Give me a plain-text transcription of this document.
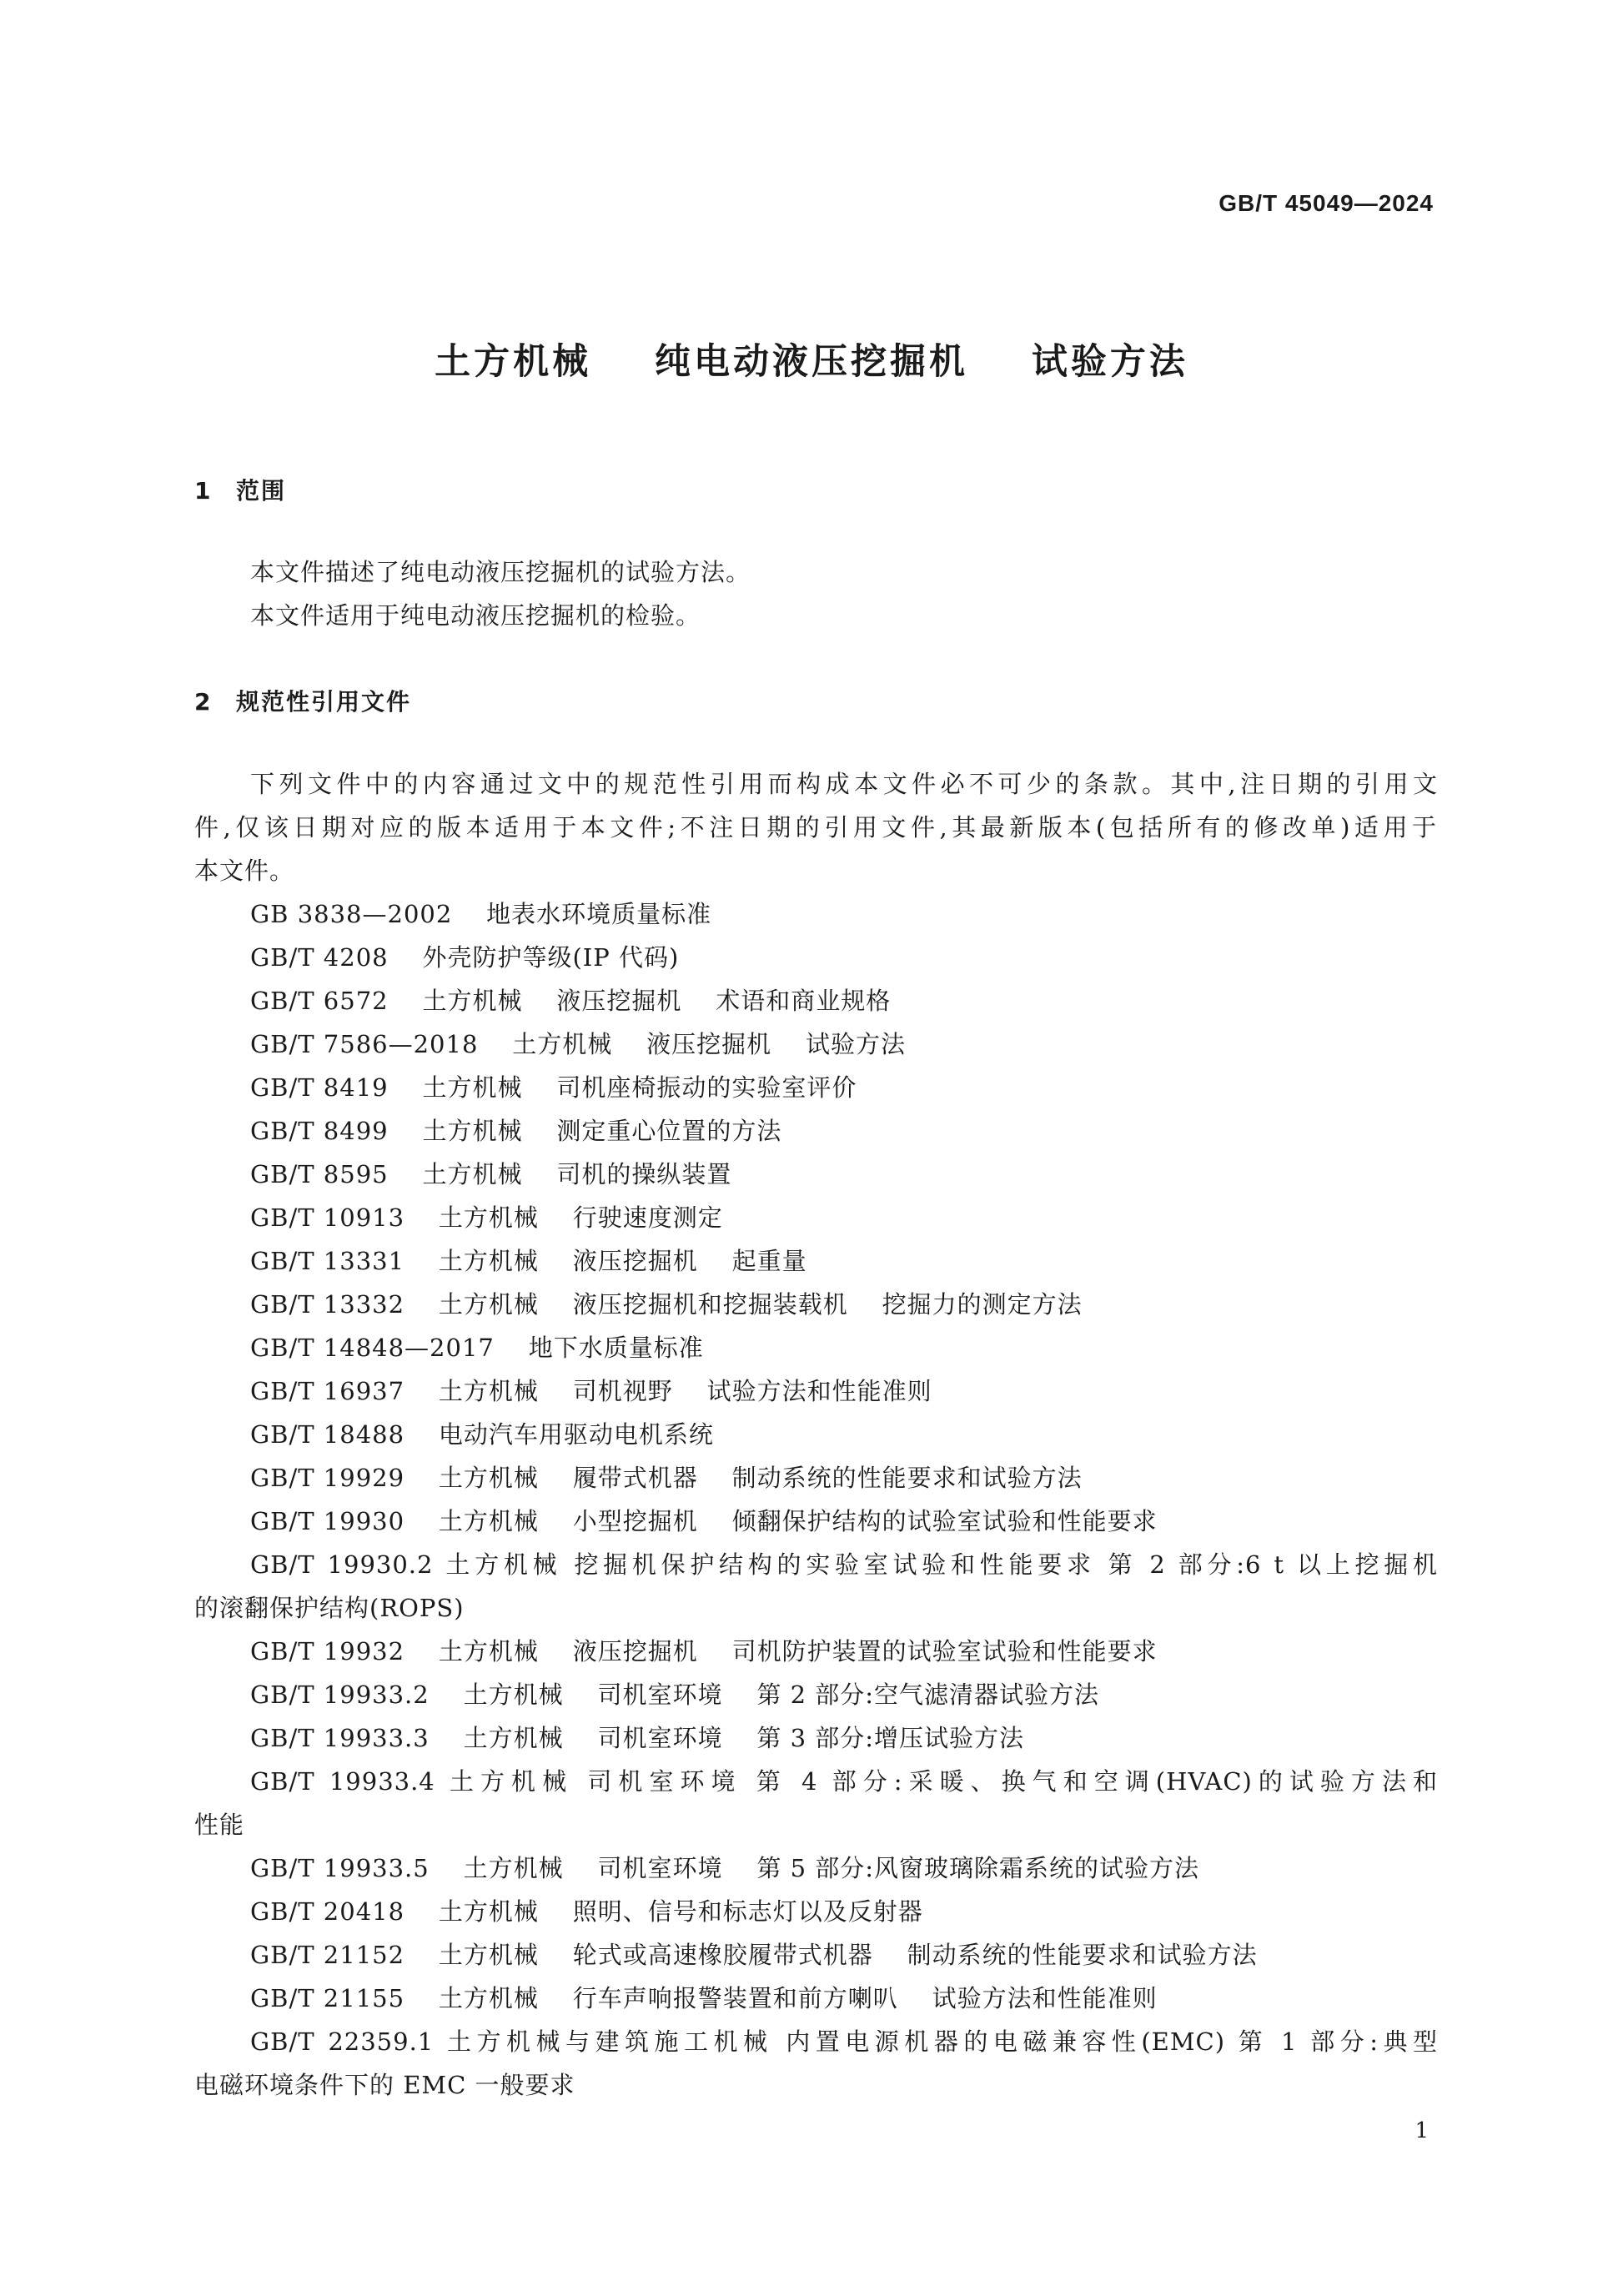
GB/T 45049—2024
土方机械    纯电动液压挖掘机    试验方法
1 范围
本文件描述了纯电动液压挖掘机的试验方法。
本文件适用于纯电动液压挖掘机的检验。
2 规范性引用文件
下列文件中的内容通过文中的规范性引用而构成本文件必不可少的条款。其中,注日期的引用文
件,仅该日期对应的版本适用于本文件;不注日期的引用文件,其最新版本(包括所有的修改单)适用于
本文件。
GB 3838—2002    地表水环境质量标准
GB/T 4208    外壳防护等级(IP 代码)
GB/T 6572    土方机械    液压挖掘机    术语和商业规格
GB/T 7586—2018    土方机械    液压挖掘机    试验方法
GB/T 8419    土方机械    司机座椅振动的实验室评价
GB/T 8499    土方机械    测定重心位置的方法
GB/T 8595    土方机械    司机的操纵装置
GB/T 10913    土方机械    行驶速度测定
GB/T 13331    土方机械    液压挖掘机    起重量
GB/T 13332    土方机械    液压挖掘机和挖掘装载机    挖掘力的测定方法
GB/T 14848—2017    地下水质量标准
GB/T 16937    土方机械    司机视野    试验方法和性能准则
GB/T 18488    电动汽车用驱动电机系统
GB/T 19929    土方机械    履带式机器    制动系统的性能要求和试验方法
GB/T 19930    土方机械    小型挖掘机    倾翻保护结构的试验室试验和性能要求
GB/T 19930.2 土方机械 挖掘机保护结构的实验室试验和性能要求 第 2 部分:6 t 以上挖掘机
的滚翻保护结构(ROPS)
GB/T 19932    土方机械    液压挖掘机    司机防护装置的试验室试验和性能要求
GB/T 19933.2    土方机械    司机室环境    第 2 部分:空气滤清器试验方法
GB/T 19933.3    土方机械    司机室环境    第 3 部分:增压试验方法
GB/T 19933.4 土方机械 司机室环境 第 4 部分:采暖、换气和空调(HVAC)的试验方法和
性能
GB/T 19933.5    土方机械    司机室环境    第 5 部分:风窗玻璃除霜系统的试验方法
GB/T 20418    土方机械    照明、信号和标志灯以及反射器
GB/T 21152    土方机械    轮式或高速橡胶履带式机器    制动系统的性能要求和试验方法
GB/T 21155    土方机械    行车声响报警装置和前方喇叭    试验方法和性能准则
GB/T 22359.1 土方机械与建筑施工机械 内置电源机器的电磁兼容性(EMC) 第 1 部分:典型
电磁环境条件下的 EMC 一般要求
1
